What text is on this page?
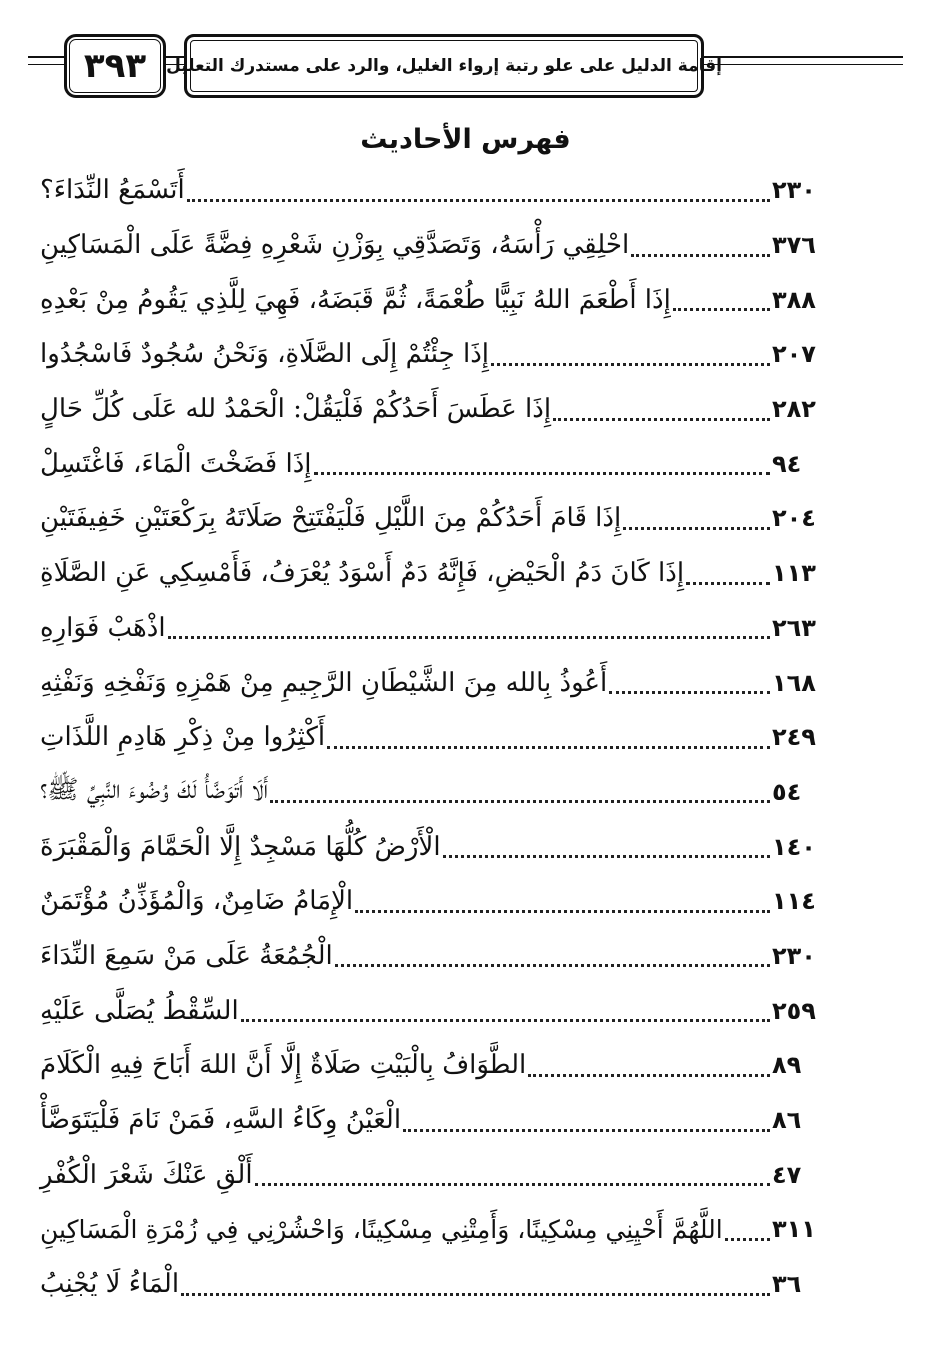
٣٩٣ إقامة الدليل على علو رتبة إرواء الغليل، والرد على مستدرك التعليل
فهرس الأحاديث
أَتَسْمَعُ النِّدَاءَ؟	٢٣٠
احْلِقِي رَأْسَهُ، وَتَصَدَّقِي بِوَزْنِ شَعْرِهِ فِضَّةً عَلَى الْمَسَاكِينِ	٣٧٦
إِذَا أَطْعَمَ اللهُ نَبِيًّا طُعْمَةً، ثُمَّ قَبَضَهُ، فَهِيَ لِلَّذِي يَقُومُ مِنْ بَعْدِهِ	٣٨٨
إِذَا جِئْتُمْ إِلَى الصَّلَاةِ، وَنَحْنُ سُجُودٌ فَاسْجُدُوا	٢٠٧
إِذَا عَطَسَ أَحَدُكُمْ فَلْيَقُلْ: الْحَمْدُ لله عَلَى كُلِّ حَالٍ	٢٨٢
إِذَا فَضَخْتَ الْمَاءَ، فَاغْتَسِلْ	٩٤
إِذَا قَامَ أَحَدُكُمْ مِنَ اللَّيْلِ فَلْيَفْتَتِحْ صَلَاتَهُ بِرَكْعَتَيْنِ خَفِيفَتَيْنِ	٢٠٤
إِذَا كَانَ دَمُ الْحَيْضِ، فَإِنَّهُ دَمٌ أَسْوَدُ يُعْرَفُ، فَأَمْسِكِي عَنِ الصَّلَاةِ	١١٣
اذْهَبْ فَوَارِهِ	٢٦٣
أَعُوذُ بِالله مِنَ الشَّيْطَانِ الرَّجِيمِ مِنْ هَمْزِهِ وَنَفْخِهِ وَنَفْثِهِ	١٦٨
أَكْثِرُوا مِنْ ذِكْرِ هَادِمِ اللَّذَاتِ	٢٤٩
أَلَا أَتَوَضَّأُ لَكَ وُضُوءَ النَّبِيِّ ﷺ؟	٥٤
الْأَرْضُ كُلُّهَا مَسْجِدٌ إِلَّا الْحَمَّامَ وَالْمَقْبَرَةَ	١٤٠
الْإِمَامُ ضَامِنٌ، وَالْمُؤَذِّنُ مُؤْتَمَنٌ	١١٤
الْجُمُعَةُ عَلَى مَنْ سَمِعَ النِّدَاءَ	٢٣٠
السِّقْطُ يُصَلَّى عَلَيْهِ	٢٥٩
الطَّوَافُ بِالْبَيْتِ صَلَاةٌ إِلَّا أَنَّ اللهَ أَبَاحَ فِيهِ الْكَلَامَ	٨٩
الْعَيْنُ وِكَاءُ السَّهِ، فَمَنْ نَامَ فَلْيَتَوَضَّأْ	٨٦
أَلْقِ عَنْكَ شَعْرَ الْكُفْرِ	٤٧
اللَّهُمَّ أَحْيِنِي مِسْكِينًا، وَأَمِتْنِي مِسْكِينًا، وَاحْشُرْنِي فِي زُمْرَةِ الْمَسَاكِينِ ٣١١
الْمَاءُ لَا يُجْنِبُ	٣٦
